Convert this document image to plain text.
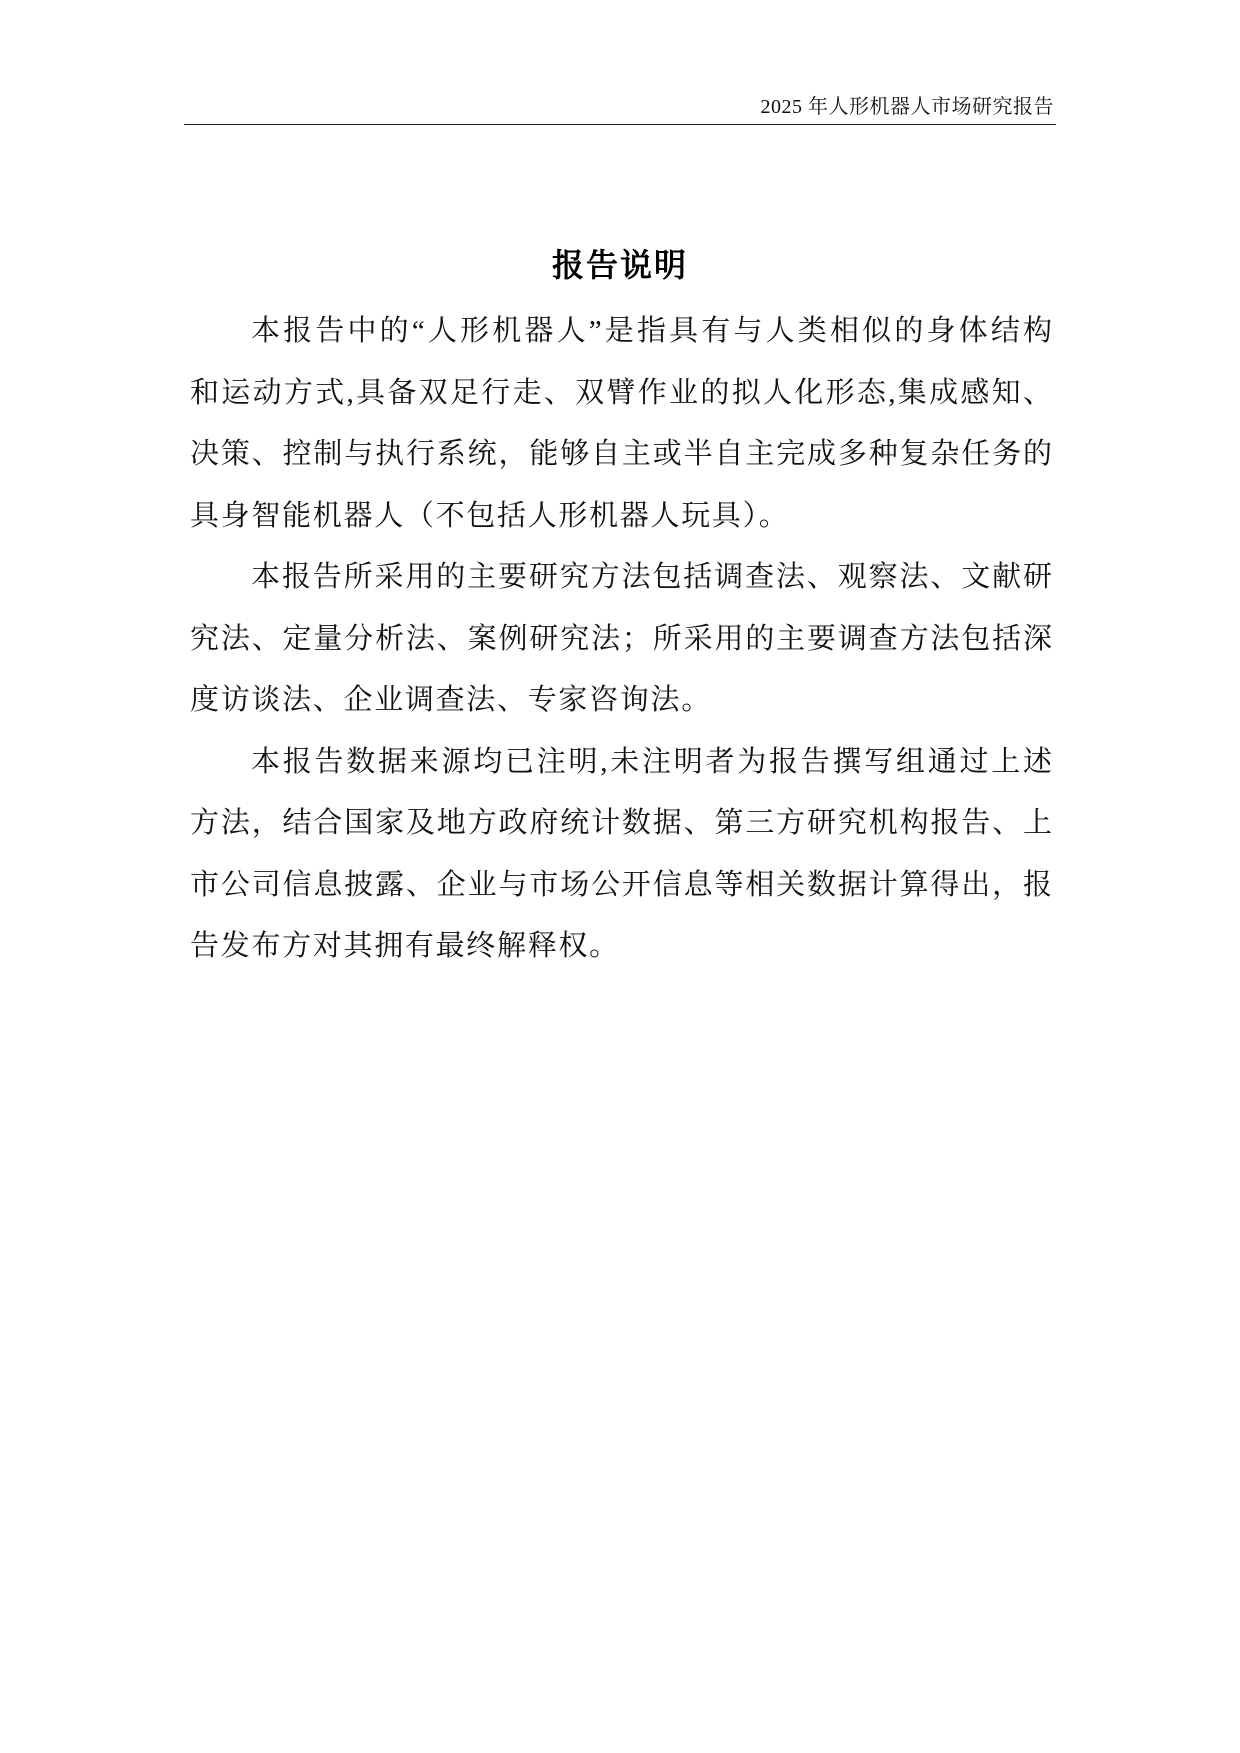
2025 年人形机器人市场研究报告
报告说明
本报告中的“人形机器人”是指具有与人类相似的身体结构
和运动方式,具备双足行走、双臂作业的拟人化形态,集成感知、
决策、控制与执行系统，能够自主或半自主完成多种复杂任务的
具身智能机器人（不包括人形机器人玩具）。
本报告所采用的主要研究方法包括调查法、观察法、文献研
究法、定量分析法、案例研究法；所采用的主要调查方法包括深
度访谈法、企业调查法、专家咨询法。
本报告数据来源均已注明,未注明者为报告撰写组通过上述
方法，结合国家及地方政府统计数据、第三方研究机构报告、上
市公司信息披露、企业与市场公开信息等相关数据计算得出，报
告发布方对其拥有最终解释权。
